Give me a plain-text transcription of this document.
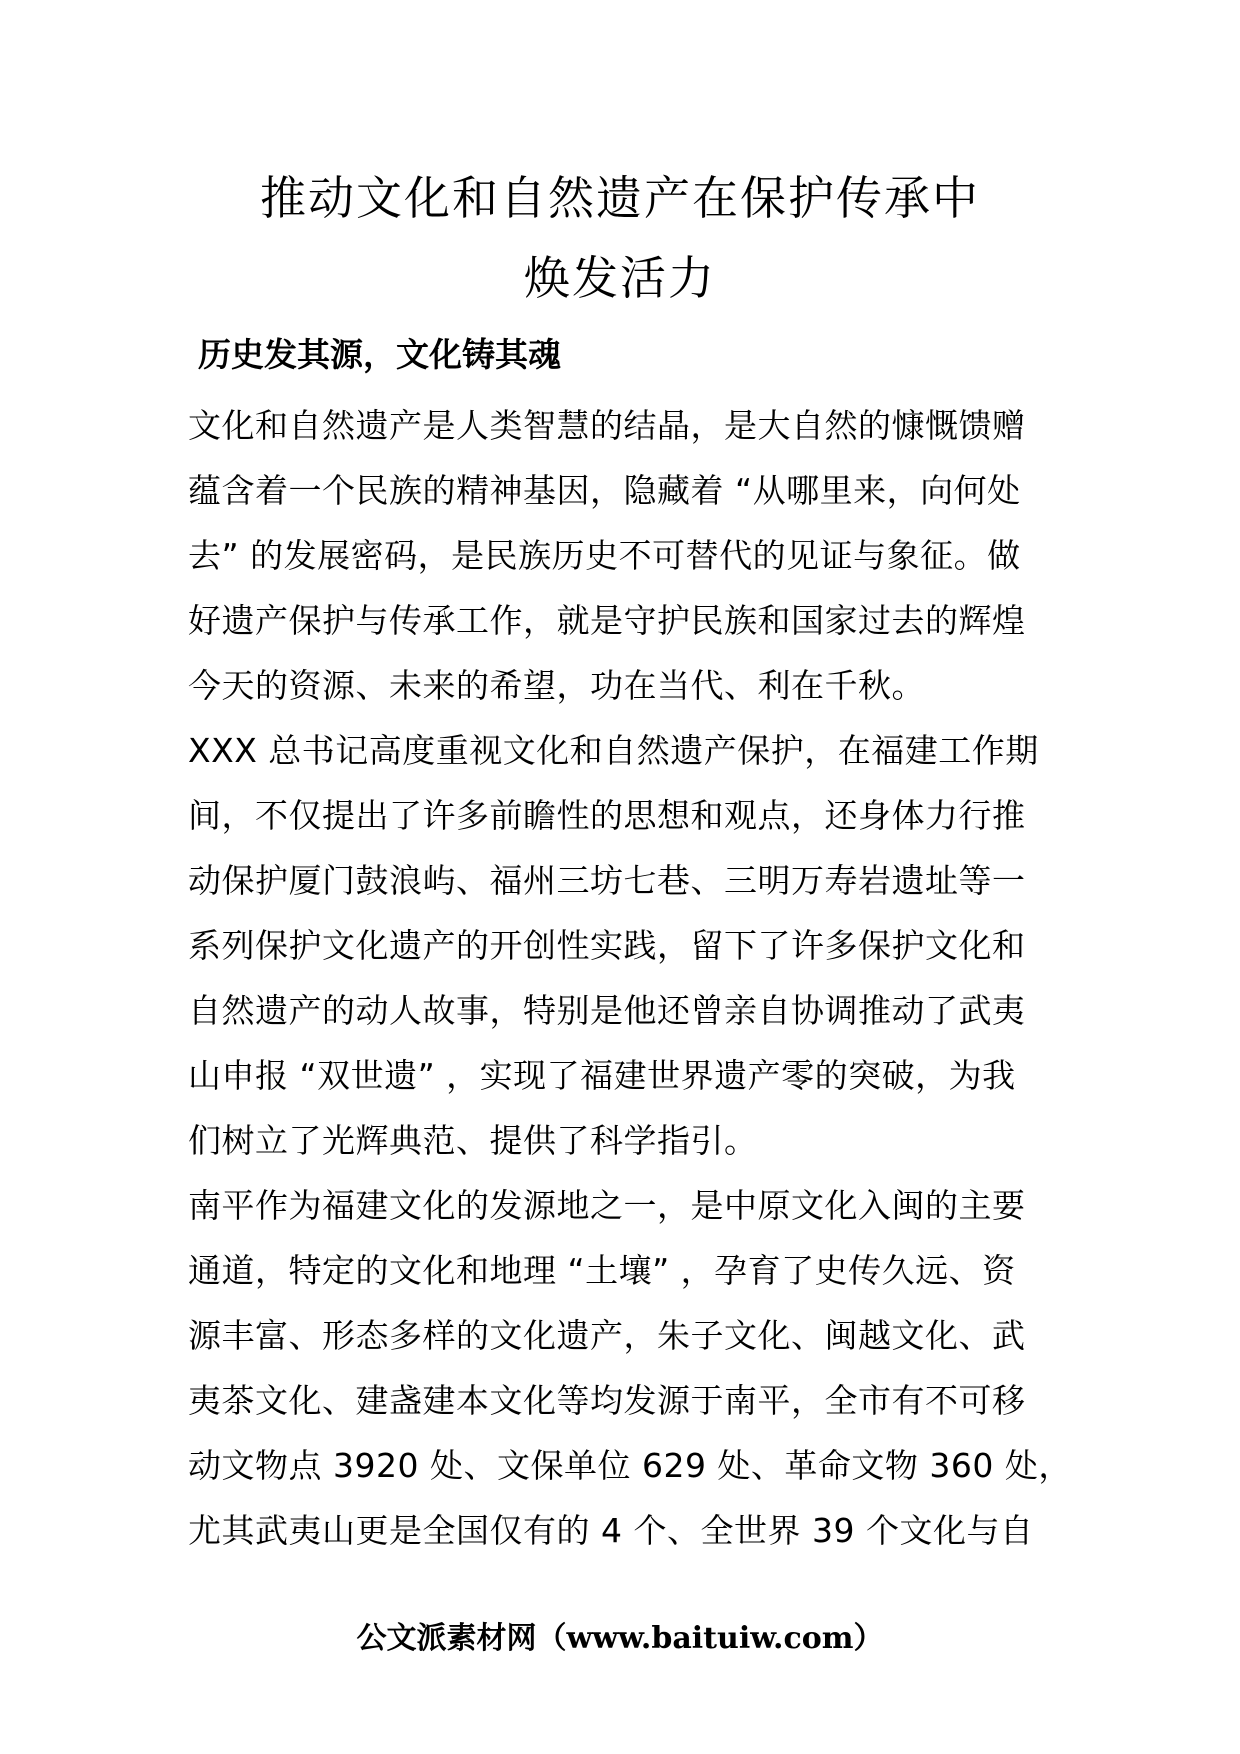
推动文化和自然遗产在保护传承中
焕发活力
历史发其源，文化铸其魂
文化和自然遗产是人类智慧的结晶，是大自然的慷慨馈赠
蕴含着一个民族的精神基因，隐藏着 “从哪里来，向何处
去” 的发展密码，是民族历史不可替代的见证与象征。做
好遗产保护与传承工作，就是守护民族和国家过去的辉煌
今天的资源、未来的希望，功在当代、利在千秋。
XXX 总书记高度重视文化和自然遗产保护，在福建工作期
间，不仅提出了许多前瞻性的思想和观点，还身体力行推
动保护厦门鼓浪屿、福州三坊七巷、三明万寿岩遗址等一
系列保护文化遗产的开创性实践，留下了许多保护文化和
自然遗产的动人故事，特别是他还曾亲自协调推动了武夷
山申报 “双世遗” ，实现了福建世界遗产零的突破，为我
们树立了光辉典范、提供了科学指引。
南平作为福建文化的发源地之一，是中原文化入闽的主要
通道，特定的文化和地理 “土壤” ，孕育了史传久远、资
源丰富、形态多样的文化遗产，朱子文化、闽越文化、武
夷茶文化、建盏建本文化等均发源于南平，全市有不可移
动文物点 3920 处、文保单位 629 处、革命文物 360 处，
尤其武夷山更是全国仅有的 4 个、全世界 39 个文化与自
公文派素材网（www.baituiw.com）
